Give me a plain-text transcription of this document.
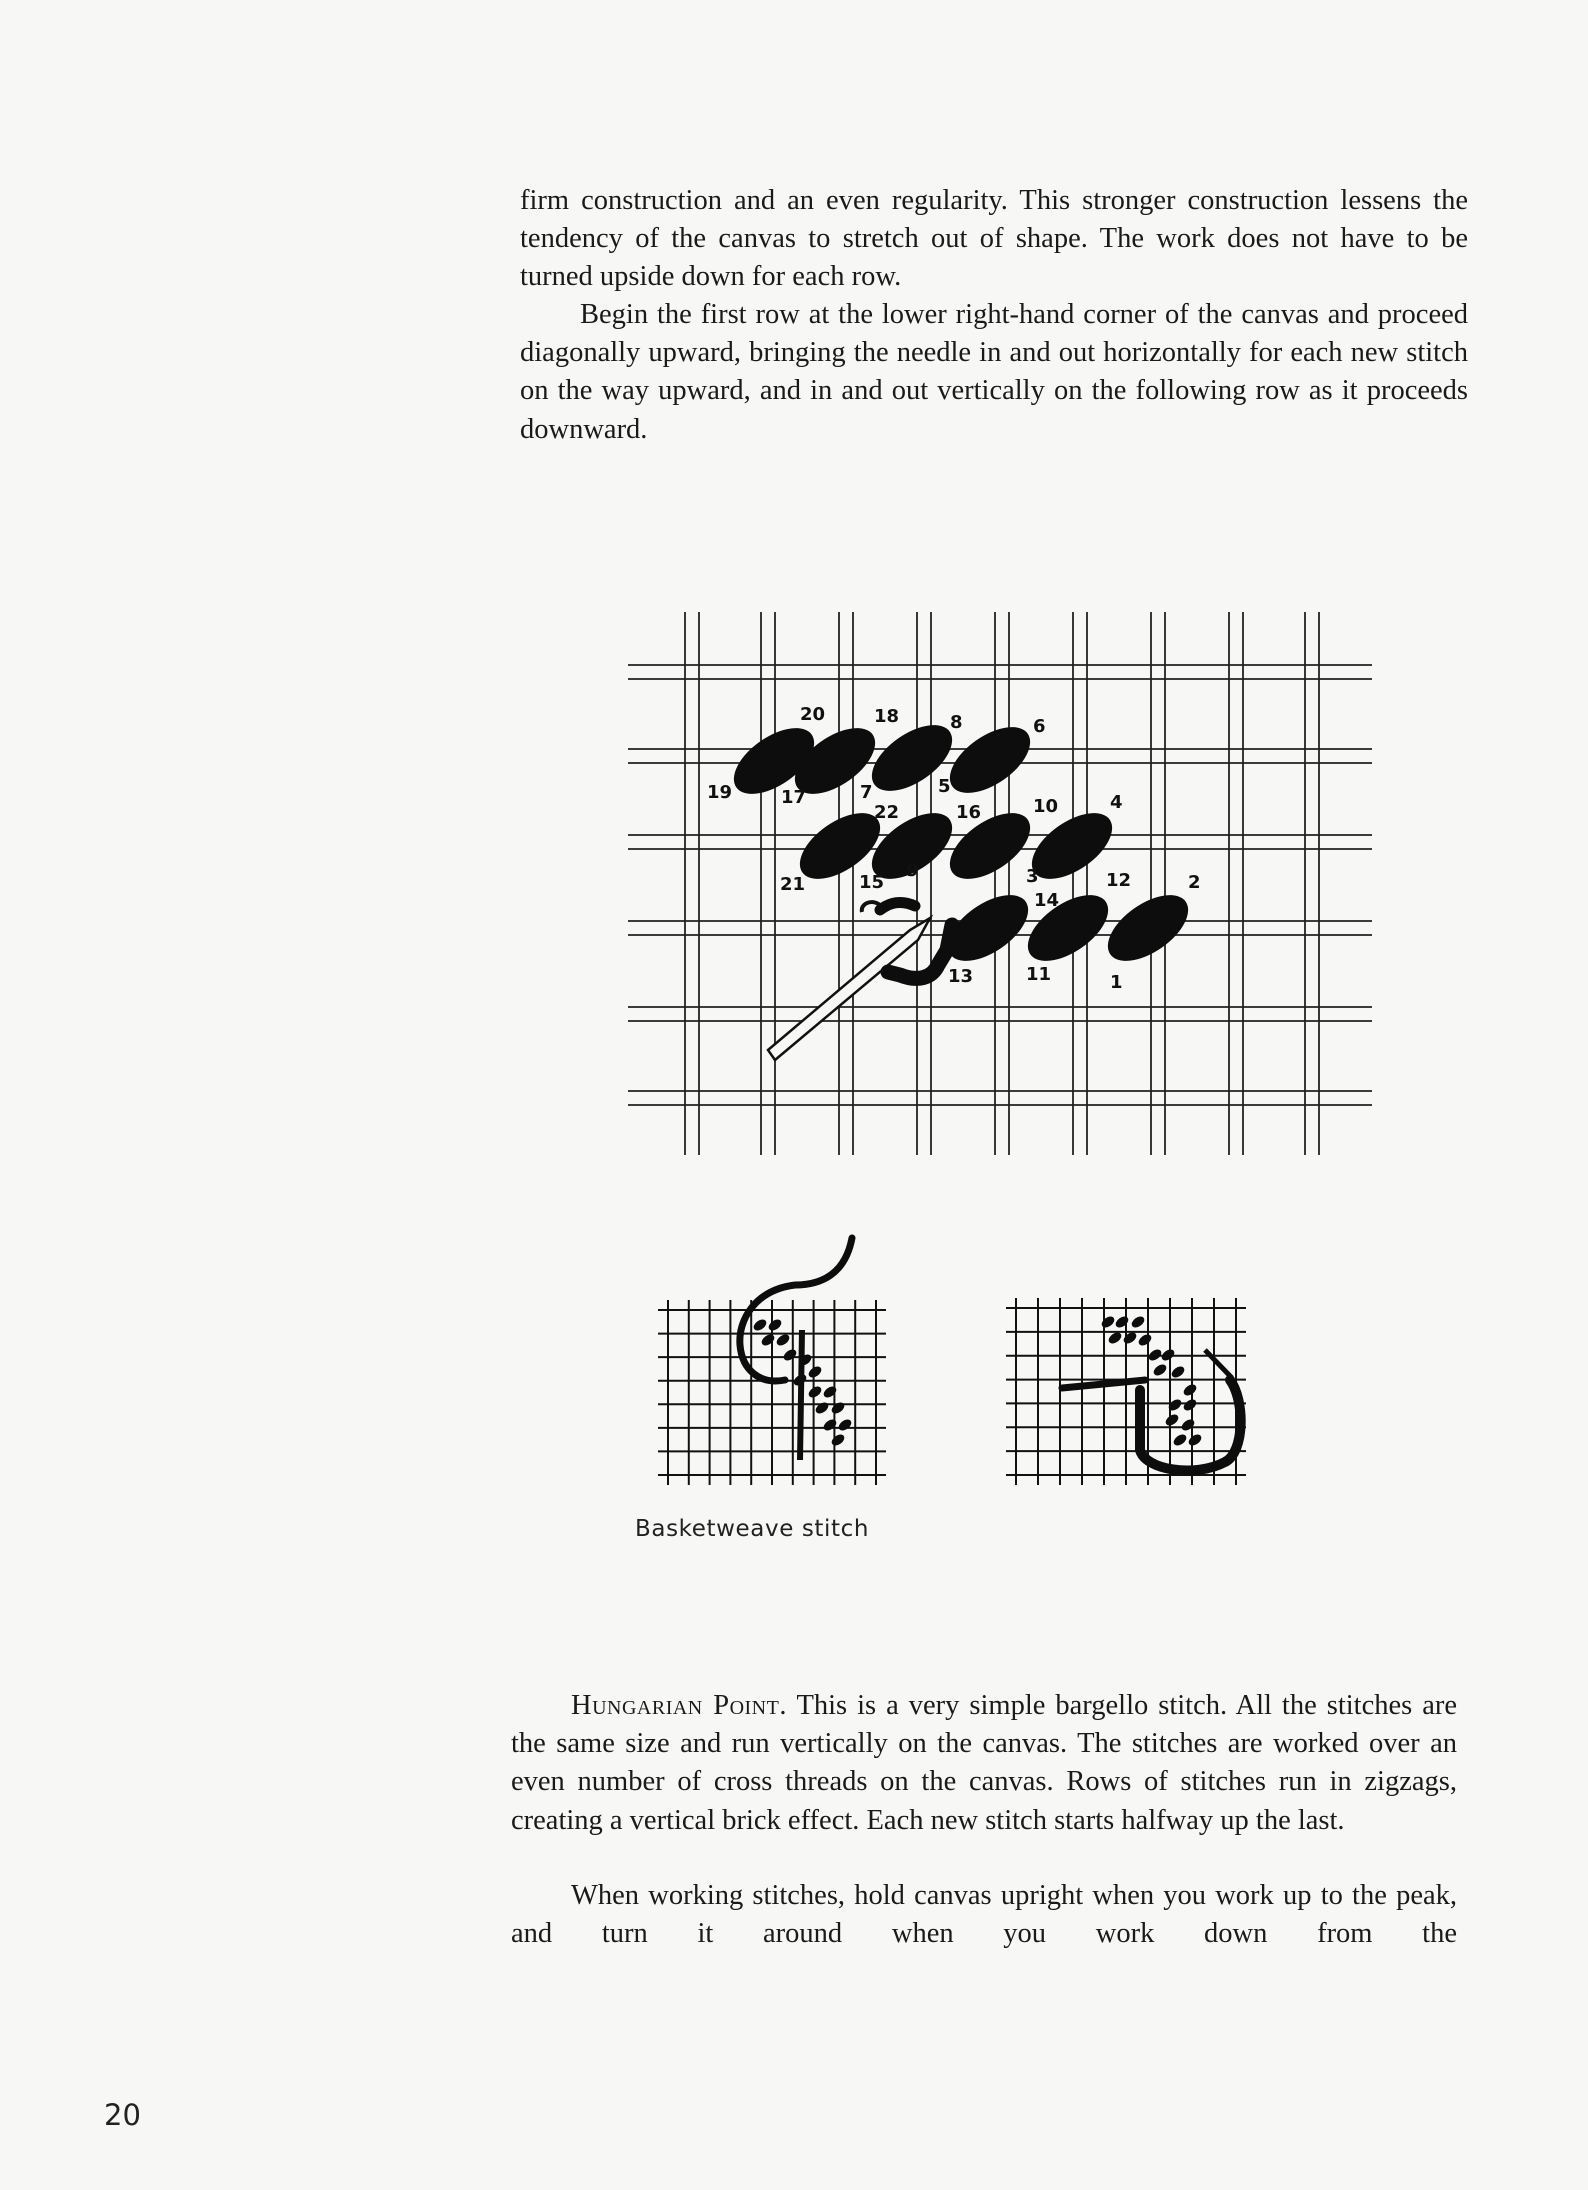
firm construction and an even regularity. This stronger construction lessens the tendency of the canvas to stretch out of shape. The work does not have to be turned upside down for each row.

Begin the first row at the lower right-hand corner of the canvas and proceed diagonally upward, bringing the needle in and out horizontally for each new stitch on the way upward, and in and out vertically on the following row as it proceeds downward.

20	18	8	6
19	17	7	5
22	16	10	4
21	15
9	3
14
12	2
13	11	1
Basketweave stitch

Hungarian Point. This is a very simple bargello stitch. All the stitches are the same size and run vertically on the canvas. The stitches are worked over an even number of cross threads on the canvas. Rows of stitches run in zigzags, creating a vertical brick effect. Each new stitch starts halfway up the last.

When working stitches, hold canvas upright when you work up to the peak, and turn it around when you work down from the

20
